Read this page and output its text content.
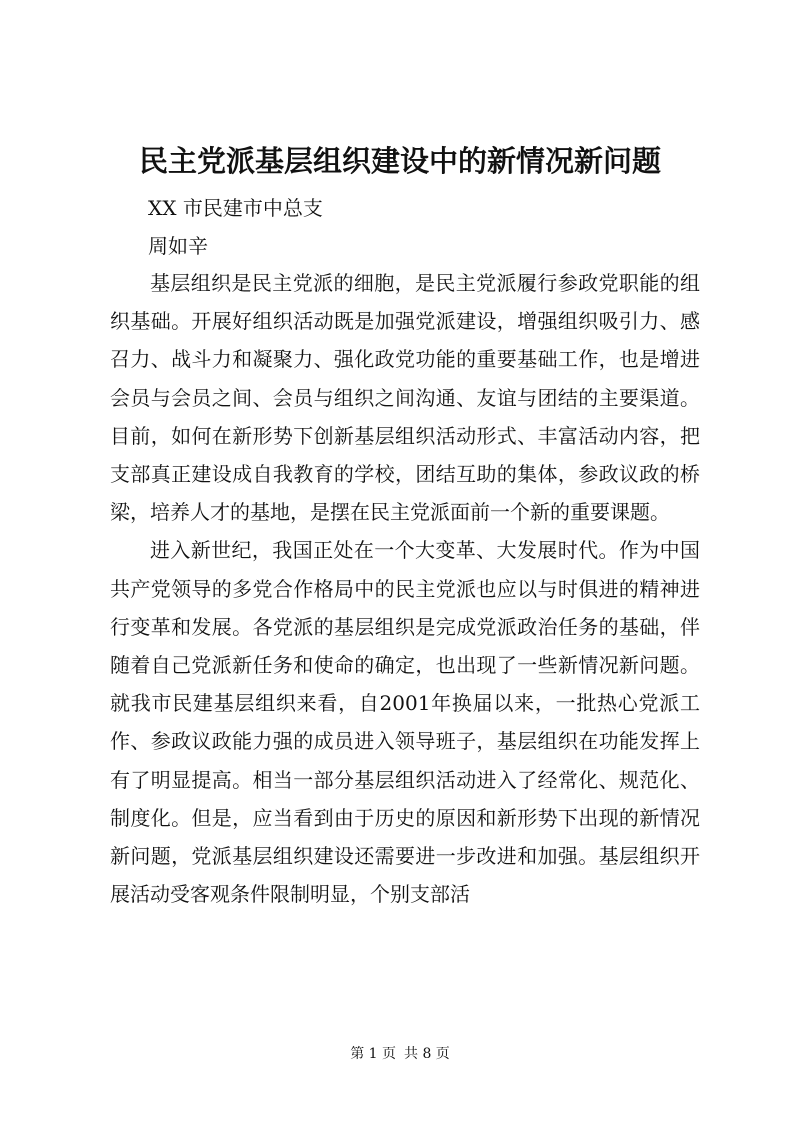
民主党派基层组织建设中的新情况新问题

XX 市民建市中总支

周如辛

基层组织是民主党派的细胞，是民主党派履行参政党职能的组织基础。开展好组织活动既是加强党派建设，增强组织吸引力、感召力、战斗力和凝聚力、强化政党功能的重要基础工作，也是增进会员与会员之间、会员与组织之间沟通、友谊与团结的主要渠道。目前，如何在新形势下创新基层组织活动形式、丰富活动内容，把支部真正建设成自我教育的学校，团结互助的集体，参政议政的桥梁，培养人才的基地，是摆在民主党派面前一个新的重要课题。

进入新世纪，我国正处在一个大变革、大发展时代。作为中国共产党领导的多党合作格局中的民主党派也应以与时俱进的精神进行变革和发展。各党派的基层组织是完成党派政治任务的基础，伴随着自己党派新任务和使命的确定，也出现了一些新情况新问题。就我市民建基层组织来看，自2001年换届以来，一批热心党派工作、参政议政能力强的成员进入领导班子，基层组织在功能发挥上有了明显提高。相当一部分基层组织活动进入了经常化、规范化、制度化。但是，应当看到由于历史的原因和新形势下出现的新情况新问题，党派基层组织建设还需要进一步改进和加强。基层组织开展活动受客观条件限制明显，个别支部活

第 1 页 共 8 页
